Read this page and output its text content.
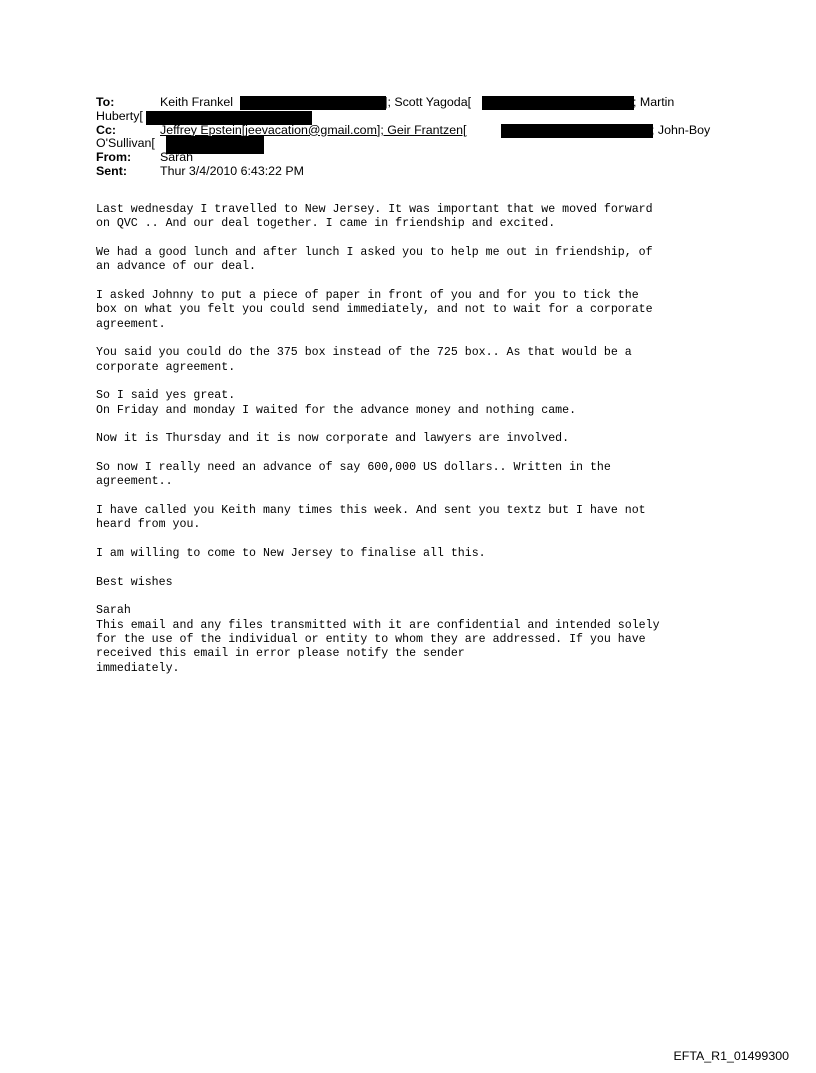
To:	Keith Frankel	]; Scott Yagoda[	; Martin
Huberty[
Cc:	Jeffrey Epstein[jeevacation@gmail.com]; Geir Frantzen[	; John-Boy
O'Sullivan[
From: Sarah
Sent:	Thur 3/4/2010 6:43:22 PM

Last wednesday I travelled to New Jersey. It was important that we moved forward
on QVC .. And our deal together. I came in friendship and excited.

We had a good lunch and after lunch I asked you to help me out in friendship, of
an advance of our deal.

I asked Johnny to put a piece of paper in front of you and for you to tick the
box on what you felt you could send immediately, and not to wait for a corporate
agreement.

You said you could do the 375 box instead of the 725 box.. As that would be a
corporate agreement.

So I said yes great.
On Friday and monday I waited for the advance money and nothing came.

Now it is Thursday and it is now corporate and lawyers are involved.

So now I really need an advance of say 600,000 US dollars.. Written in the
agreement..

I have called you Keith many times this week. And sent you textz but I have not
heard from you.

I am willing to come to New Jersey to finalise all this.

Best wishes

Sarah
This email and any files transmitted with it are confidential and intended solely
for the use of the individual or entity to whom they are addressed. If you have
received this email in error please notify the sender
immediately.

EFTA_R1_01499300
